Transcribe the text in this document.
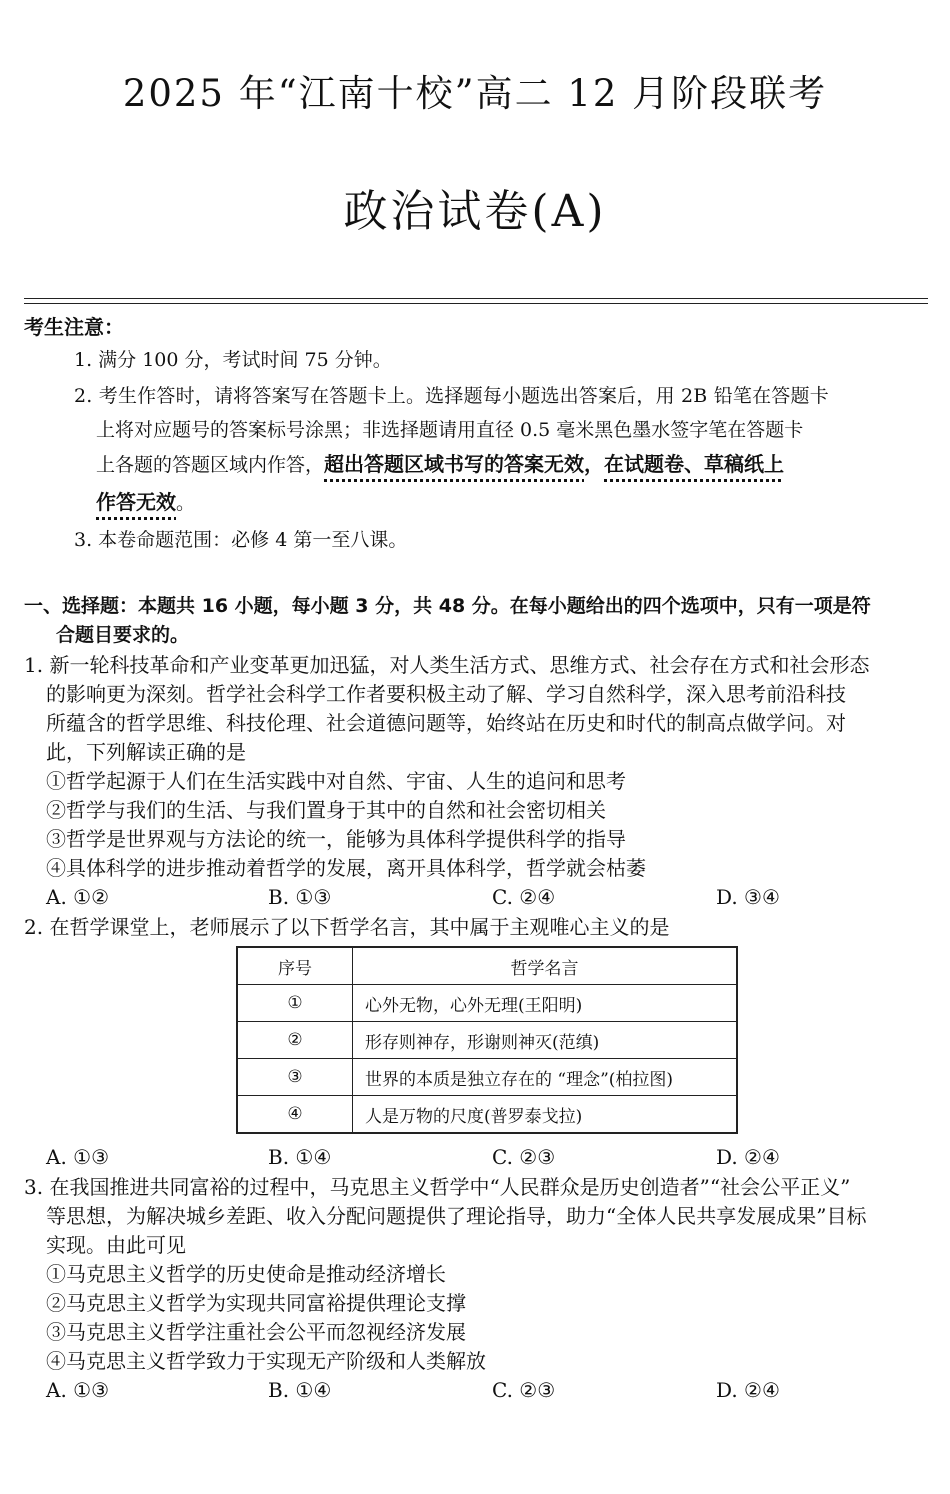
2025 年“江南十校”高二 12 月阶段联考
政治试卷(A)
考生注意：
1. 满分 100 分，考试时间 75 分钟。
2. 考生作答时，请将答案写在答题卡上。选择题每小题选出答案后，用 2B 铅笔在答题卡
上将对应题号的答案标号涂黑；非选择题请用直径 0.5 毫米黑色墨水签字笔在答题卡
上各题的答题区域内作答，超出答题区域书写的答案无效，在试题卷、草稿纸上
作答无效。
3. 本卷命题范围：必修 4 第一至八课。
一、选择题：本题共 16 小题，每小题 3 分，共 48 分。在每小题给出的四个选项中，只有一项是符
合题目要求的。
1. 新一轮科技革命和产业变革更加迅猛，对人类生活方式、思维方式、社会存在方式和社会形态
的影响更为深刻。哲学社会科学工作者要积极主动了解、学习自然科学，深入思考前沿科技
所蕴含的哲学思维、科技伦理、社会道德问题等，始终站在历史和时代的制高点做学问。对
此，下列解读正确的是
①哲学起源于人们在生活实践中对自然、宇宙、人生的追问和思考
②哲学与我们的生活、与我们置身于其中的自然和社会密切相关
③哲学是世界观与方法论的统一，能够为具体科学提供科学的指导
④具体科学的进步推动着哲学的发展，离开具体科学，哲学就会枯萎
A. ①②	B. ①③	C. ②④	D. ③④
2. 在哲学课堂上，老师展示了以下哲学名言，其中属于主观唯心主义的是
序号	哲学名言
①	心外无物，心外无理(王阳明)
②	形存则神存，形谢则神灭(范缜)
③	世界的本质是独立存在的 “理念”(柏拉图)
④	人是万物的尺度(普罗泰戈拉)
A. ①③	B. ①④	C. ②③	D. ②④
3. 在我国推进共同富裕的过程中，马克思主义哲学中“人民群众是历史创造者”“社会公平正义”
等思想，为解决城乡差距、收入分配问题提供了理论指导，助力“全体人民共享发展成果”目标
实现。由此可见
①马克思主义哲学的历史使命是推动经济增长
②马克思主义哲学为实现共同富裕提供理论支撑
③马克思主义哲学注重社会公平而忽视经济发展
④马克思主义哲学致力于实现无产阶级和人类解放
A. ①③	B. ①④	C. ②③	D. ②④
